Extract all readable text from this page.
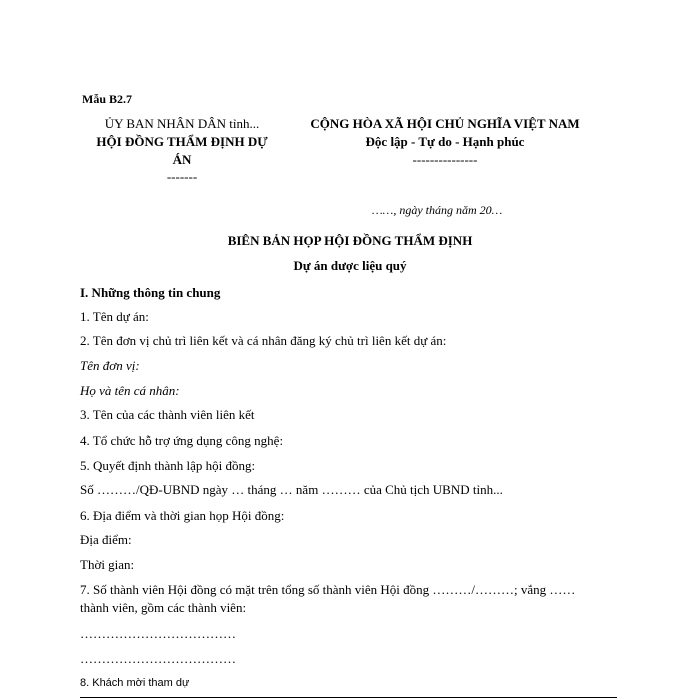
Mẫu B2.7
ỦY BAN NHÂN DÂN tỉnh...
HỘI ĐỒNG THẨM ĐỊNH DỰ
ÁN
-------
CỘNG HÒA XÃ HỘI CHỦ NGHĨA VIỆT NAM
Độc lập - Tự do - Hạnh phúc
---------------
……, ngày tháng năm 20…
BIÊN BẢN HỌP HỘI ĐỒNG THẨM ĐỊNH
Dự án dược liệu quý
I. Những thông tin chung
1. Tên dự án:
2. Tên đơn vị chủ trì liên kết và cá nhân đăng ký chủ trì liên kết dự án:
Tên đơn vị:
Họ và tên cá nhân:
3. Tên của các thành viên liên kết
4. Tổ chức hỗ trợ ứng dụng công nghệ:
5. Quyết định thành lập hội đồng:
Số ………/QĐ-UBND ngày … tháng … năm ……… của Chủ tịch UBND tỉnh...
6. Địa điểm và thời gian họp Hội đồng:
Địa điểm:
Thời gian:
7. Số thành viên Hội đồng có mặt trên tổng số thành viên Hội đồng ………/………; vắng ……
thành viên, gồm các thành viên:
………………………………
………………………………
8. Khách mời tham dự
